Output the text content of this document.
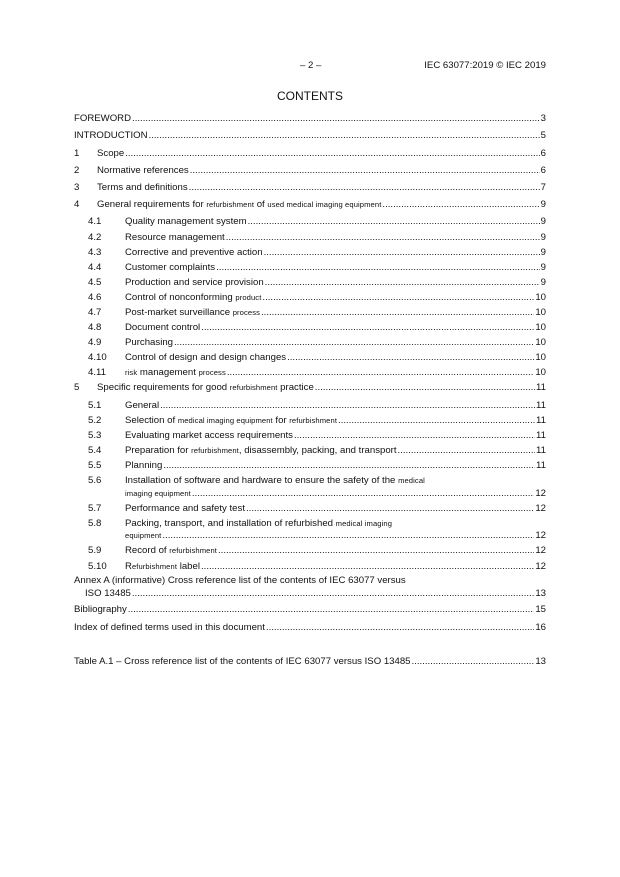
– 2 –	IEC 63077:2019 © IEC 2019
CONTENTS
FOREWORD .....	3
INTRODUCTION .....	5
1	Scope .....	6
2	Normative references .....	6
3	Terms and definitions .....	7
4	General requirements for refurbishment of used medical imaging equipment .....	9
4.1	Quality management system .....	9
4.2	Resource management .....	9
4.3	Corrective and preventive action .....	9
4.4	Customer complaints .....	9
4.5	Production and service provision .....	9
4.6	Control of nonconforming product .....	10
4.7	Post-market surveillance process .....	10
4.8	Document control .....	10
4.9	Purchasing .....	10
4.10	Control of design and design changes .....	10
4.11	risk management process .....	10
5	Specific requirements for good refurbishment practice .....	11
5.1	General .....	11
5.2	Selection of medical imaging equipment for refurbishment .....	11
5.3	Evaluating market access requirements .....	11
5.4	Preparation for refurbishment, disassembly, packing, and transport .....	11
5.5	Planning .....	11
5.6 Installation of software and hardware to ensure the safety of the medical
imaging equipment .....	12
5.7	Performance and safety test .....	12
5.8 Packing, transport, and installation of refurbished medical imaging
equipment .....	12
5.9	Record of refurbishment .....	12
5.10	Refurbishment label .....	12
Annex A (informative) Cross reference list of the contents of IEC 63077 versus
ISO 13485 .....	13
Bibliography .....	15
Index of defined terms used in this document .....	16
Table A.1 – Cross reference list of the contents of IEC 63077 versus ISO 13485 .....	13
